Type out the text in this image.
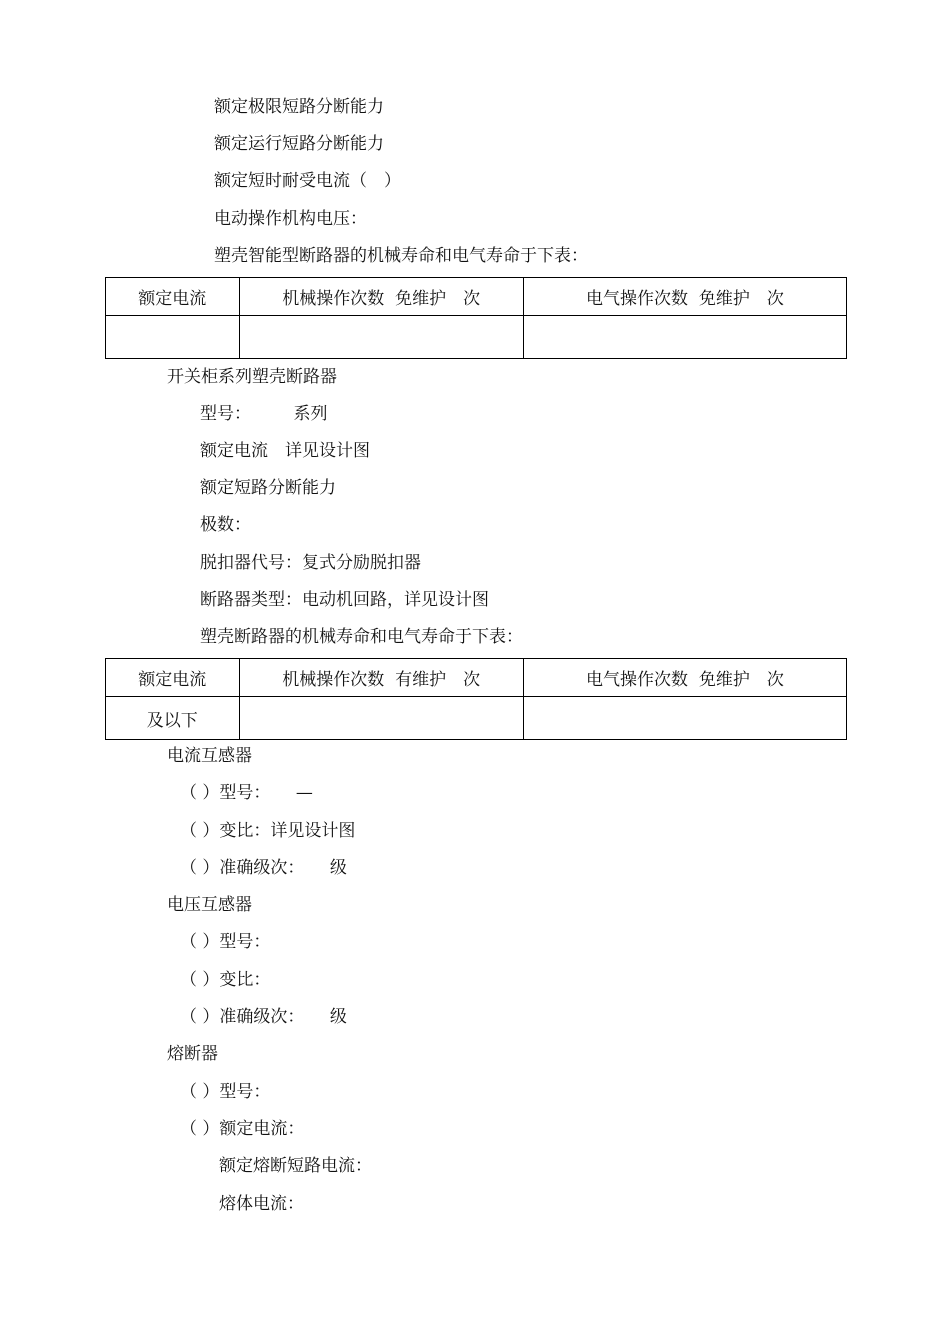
额定极限短路分断能力
额定运行短路分断能力
额定短时耐受电流（　）
电动操作机构电压：
塑壳智能型断路器的机械寿命和电气寿命于下表：
额定电流	机械操作次数  免维护　次	电气操作次数  免维护　次

开关柜系列塑壳断路器
型号：　　　系列
额定电流　详见设计图
额定短路分断能力
极数：
脱扣器代号：复式分励脱扣器
断路器类型：电动机回路，详见设计图
塑壳断路器的机械寿命和电气寿命于下表：
额定电流	机械操作次数  有维护　次	电气操作次数  免维护　次
及以下		
电流互感器
（ ）型号：　　—
（ ）变比：详见设计图
（ ）准确级次：　　级
电压互感器
（ ）型号：
（ ）变比：
（ ）准确级次：　　级
熔断器
（ ）型号：
（ ）额定电流：
额定熔断短路电流：
熔体电流：
